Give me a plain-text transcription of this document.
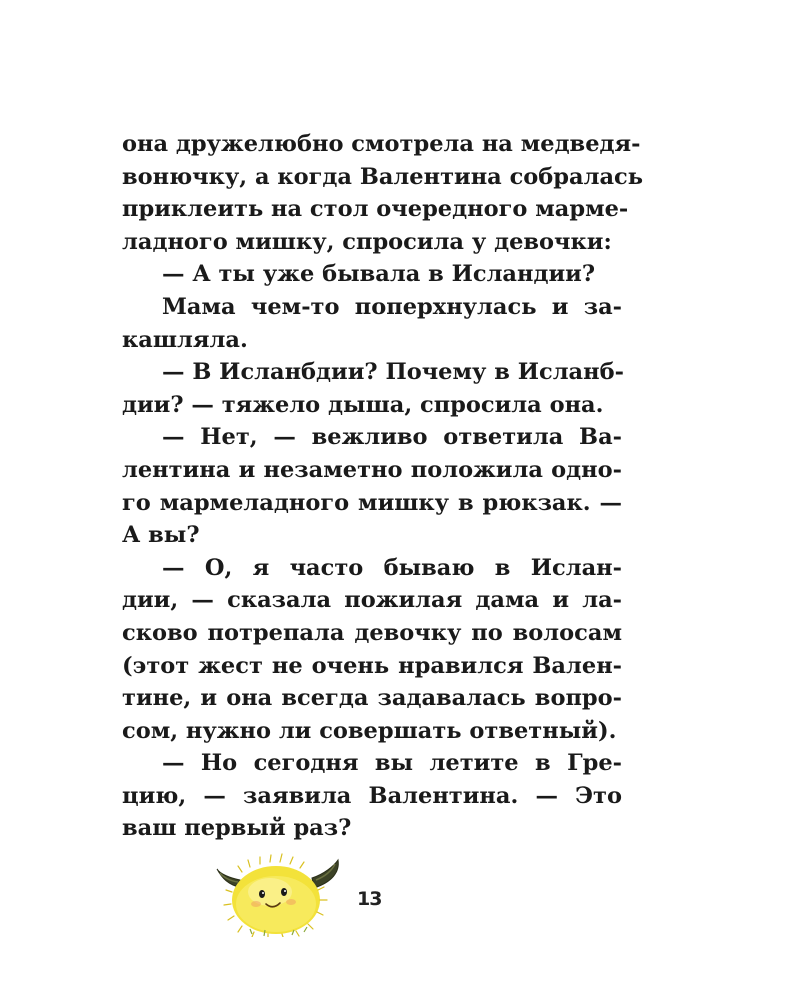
она дружелюбно смотрела на медведя-
вонючку, а когда Валентина собралась
приклеить на стол очередного марме-
ладного мишку, спросила у девочки:
— А ты уже бывала в Исландии?
Мама чем-то поперхнулась и за-
кашляла.
— В Исланбдии? Почему в Исланб-
дии? — тяжело дыша, спросила она.
— Нет, — вежливо ответила Ва-
лентина и незаметно положила одно-
го мармеладного мишку в рюкзак. —
А вы?
— О, я часто бываю в Ислан-
дии, — сказала пожилая дама и ла-
сково потрепала девочку по волосам
(этот жест не очень нравился Вален-
тине, и она всегда задавалась вопро-
сом, нужно ли совершать ответный).
— Но сегодня вы летите в Гре-
цию, — заявила Валентина. — Это
ваш первый раз?
13
